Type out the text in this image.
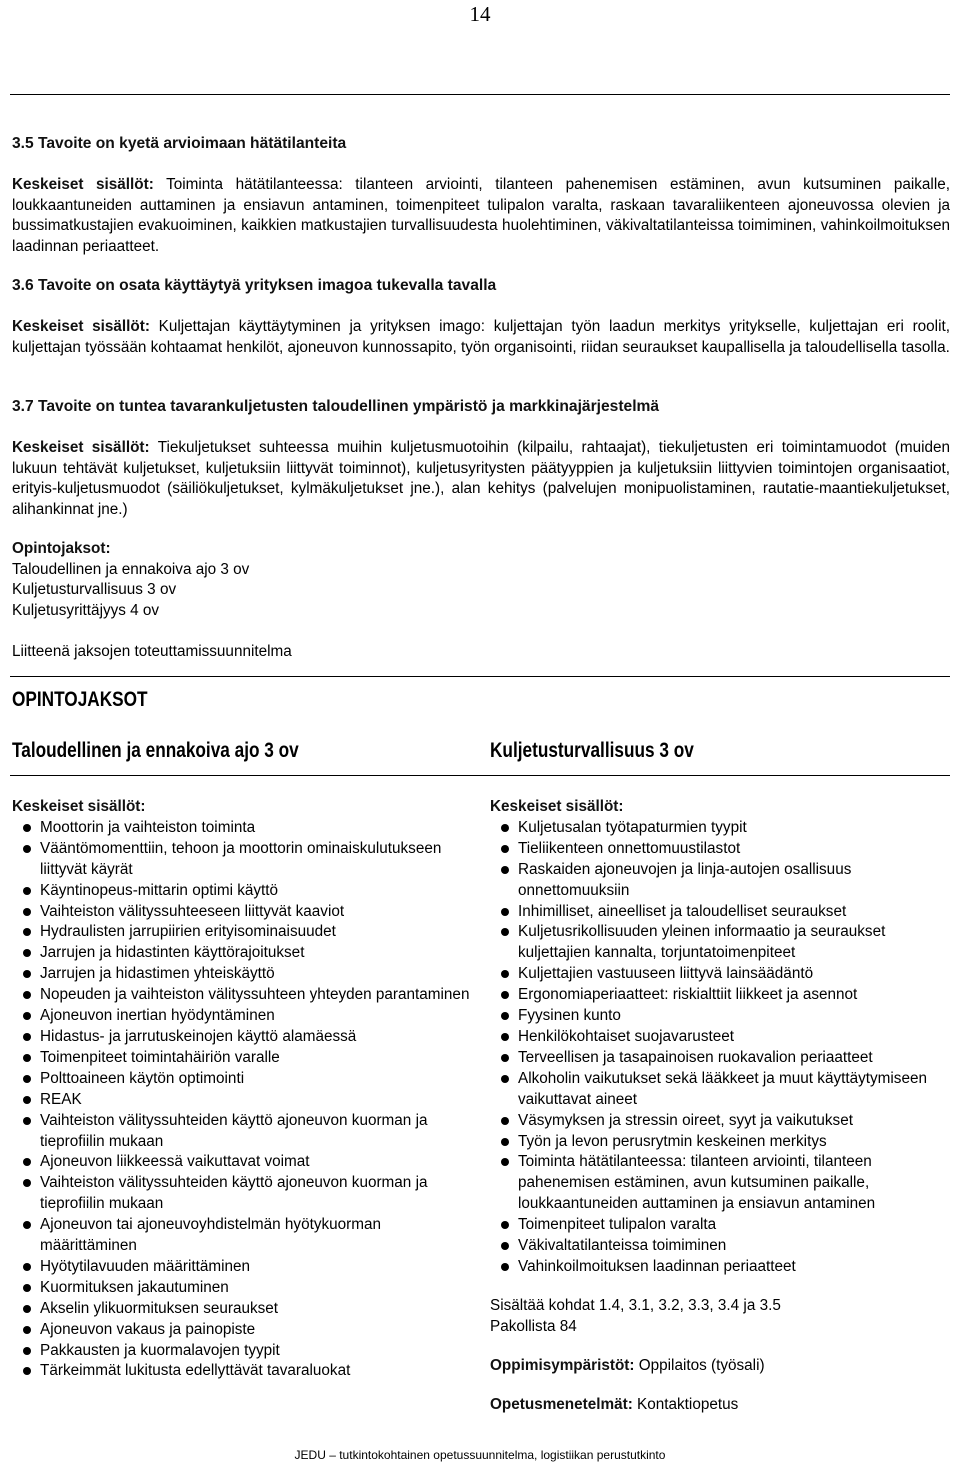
14

3.5 Tavoite on kyetä arvioimaan hätätilanteita

Keskeiset sisällöt: Toiminta hätätilanteessa: tilanteen arviointi, tilanteen pahenemisen estäminen, avun kutsuminen paikalle, loukkaantuneiden auttaminen ja ensiavun antaminen, toimenpiteet tulipalon varalta, raskaan tavaraliikenteen ajoneuvossa olevien ja bussimatkustajien evakuoiminen, kaikkien matkustajien turvallisuudesta huolehtiminen, väkivaltatilanteissa toimiminen, vahinkoilmoituksen laadinnan periaatteet.

3.6 Tavoite on osata käyttäytyä yrityksen imagoa tukevalla tavalla

Keskeiset sisällöt: Kuljettajan käyttäytyminen ja yrityksen imago: kuljettajan työn laadun merkitys yritykselle, kuljettajan eri roolit, kuljettajan työssään kohtaamat henkilöt, ajoneuvon kunnossapito, työn organisointi, riidan seuraukset kaupallisella ja taloudellisella tasolla.

3.7 Tavoite on tuntea tavarankuljetusten taloudellinen ympäristö ja markkinajärjestelmä

Keskeiset sisällöt: Tiekuljetukset suhteessa muihin kuljetusmuotoihin (kilpailu, rahtaajat), tiekuljetusten eri toimintamuodot (muiden lukuun tehtävät kuljetukset, kuljetuksiin liittyvät toiminnot), kuljetusyritysten päätyyppien ja kuljetuksiin liittyvien toimintojen organisaatiot, erityis-kuljetusmuodot (säiliökuljetukset, kylmäkuljetukset jne.), alan kehitys (palvelujen monipuolistaminen, rautatie-maantiekuljetukset, alihankinnat jne.)

Opintojaksot:

Taloudellinen ja ennakoiva ajo 3 ov

Kuljetusturvallisuus 3 ov

Kuljetusyrittäjyys 4 ov

Liitteenä jaksojen toteuttamissuunnitelma

OPINTOJAKSOT
Taloudellinen ja ennakoiva ajo 3 ov	Kuljetusturvallisuus 3 ov

Keskeiset sisällöt:

Moottorin ja vaihteiston toiminta
Vääntömomenttiin, tehoon ja moottorin ominaiskulutukseen liittyvät käyrät
Käyntinopeus-mittarin optimi käyttö
Vaihteiston välityssuhteeseen liittyvät kaaviot
Hydraulisten jarrupiirien erityisominaisuudet
Jarrujen ja hidastinten käyttörajoitukset
Jarrujen ja hidastimen yhteiskäyttö
Nopeuden ja vaihteiston välityssuhteen yhteyden parantaminen
Ajoneuvon inertian hyödyntäminen
Hidastus- ja jarrutuskeinojen käyttö alamäessä
Toimenpiteet toimintahäiriön varalle
Polttoaineen käytön optimointi
REAK
Vaihteiston välityssuhteiden käyttö ajoneuvon kuorman ja tieprofiilin mukaan
Ajoneuvon liikkeessä vaikuttavat voimat
Vaihteiston välityssuhteiden käyttö ajoneuvon kuorman ja tieprofiilin mukaan
Ajoneuvon tai ajoneuvoyhdistelmän hyötykuorman määrittäminen
Hyötytilavuuden määrittäminen
Kuormituksen jakautuminen
Akselin ylikuormituksen seuraukset
Ajoneuvon vakaus ja painopiste
Pakkausten ja kuormalavojen tyypit
Tärkeimmät lukitusta edellyttävät tavaraluokat

Keskeiset sisällöt:

Kuljetusalan työtapaturmien tyypit
Tieliikenteen onnettomuustilastot
Raskaiden ajoneuvojen ja linja-autojen osallisuus onnettomuuksiin
Inhimilliset, aineelliset ja taloudelliset seuraukset
Kuljetusrikollisuuden yleinen informaatio ja seuraukset kuljettajien kannalta, torjuntatoimenpiteet
Kuljettajien vastuuseen liittyvä lainsäädäntö
Ergonomiaperiaatteet: riskialttiit liikkeet ja asennot
Fyysinen kunto
Henkilökohtaiset suojavarusteet
Terveellisen ja tasapainoisen ruokavalion periaatteet
Alkoholin vaikutukset sekä lääkkeet ja muut käyttäytymiseen vaikuttavat aineet
Väsymyksen ja stressin oireet, syyt ja vaikutukset
Työn ja levon perusrytmin keskeinen merkitys
Toiminta hätätilanteessa: tilanteen arviointi, tilanteen pahenemisen estäminen, avun kutsuminen paikalle, loukkaantuneiden auttaminen ja ensiavun antaminen
Toimenpiteet tulipalon varalta
Väkivaltatilanteissa toimiminen
Vahinkoilmoituksen laadinnan periaatteet

Sisältää kohdat 1.4, 3.1, 3.2, 3.3, 3.4 ja 3.5

Pakollista 84

Oppimisympäristöt: Oppilaitos (työsali)

Opetusmenetelmät: Kontaktiopetus

JEDU – tutkintokohtainen opetussuunnitelma, logistiikan perustutkinto
